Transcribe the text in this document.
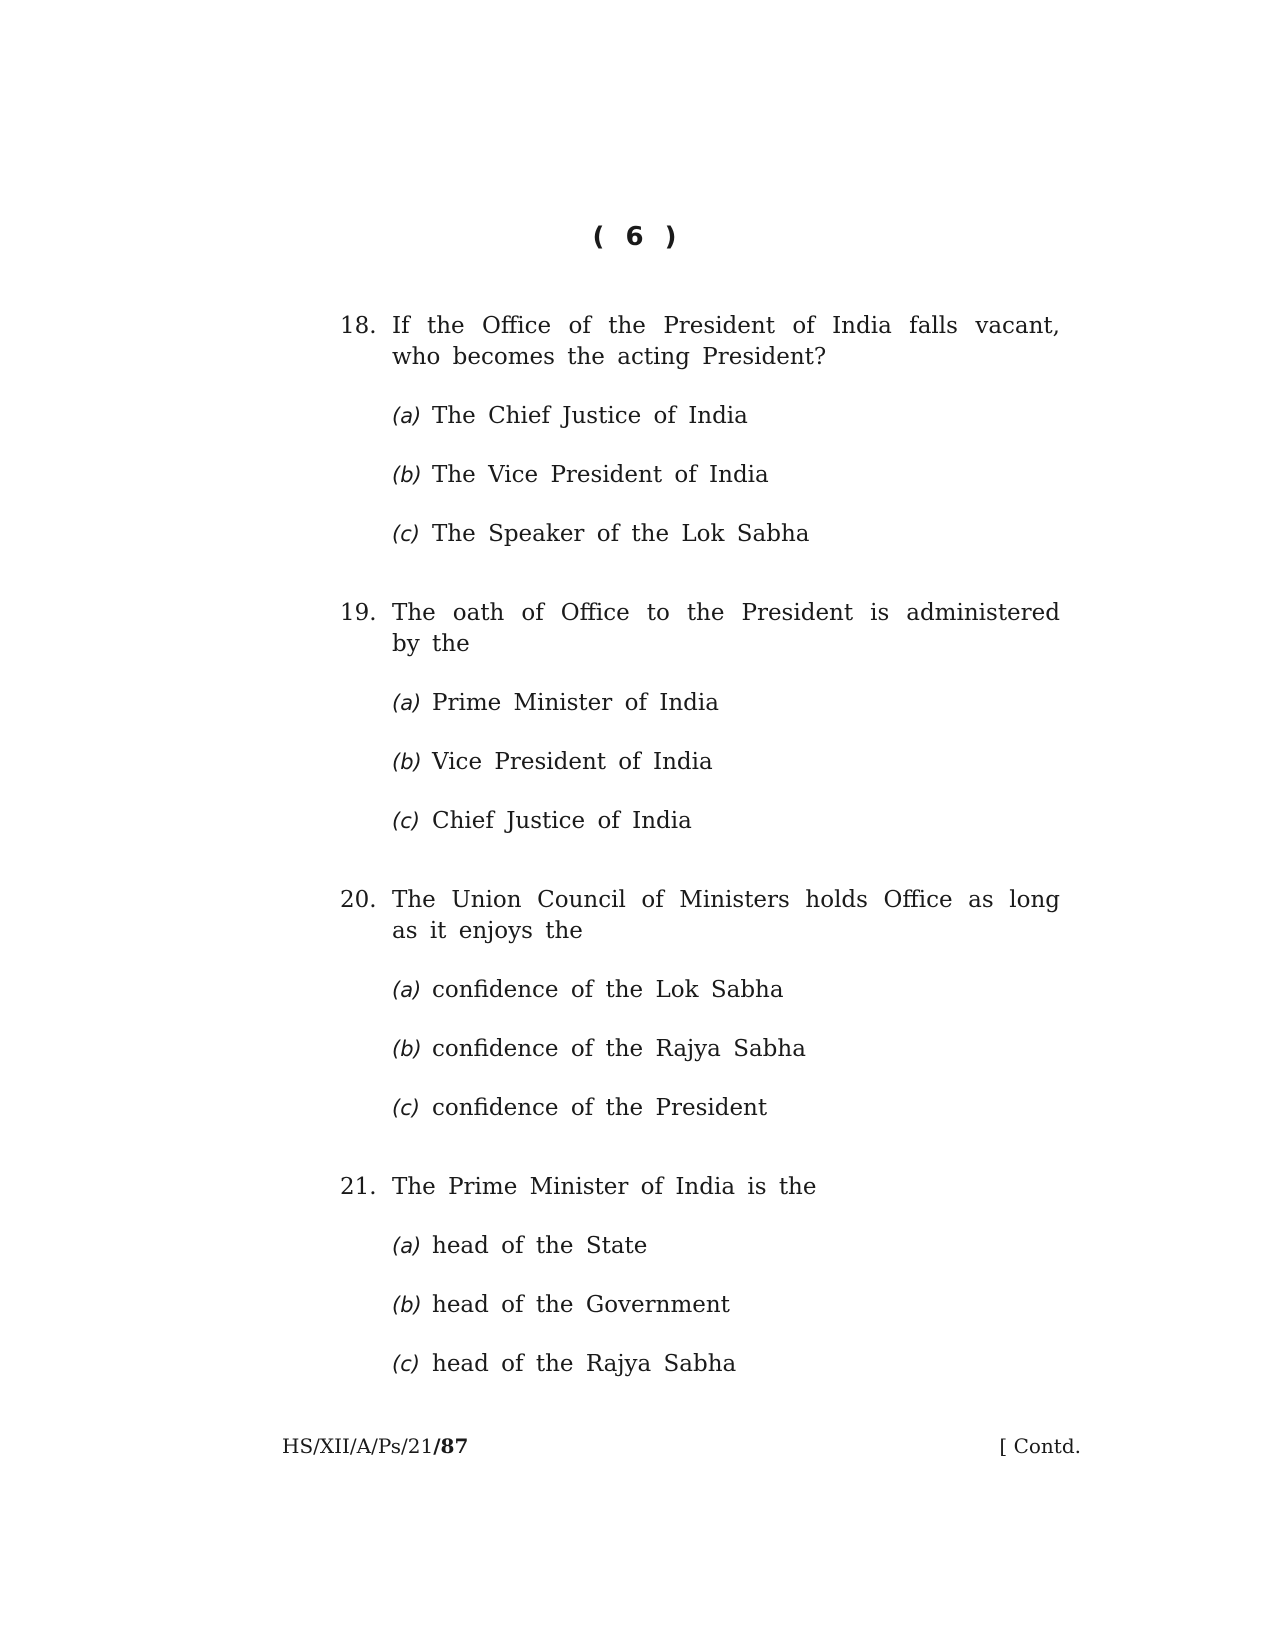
( 6 )
18. If the Office of the President of India falls vacant, who becomes the acting President?
(a) The Chief Justice of India
(b) The Vice President of India
(c) The Speaker of the Lok Sabha
19. The oath of Office to the President is administered by the
(a) Prime Minister of India
(b) Vice President of India
(c) Chief Justice of India
20. The Union Council of Ministers holds Office as long as it enjoys the
(a) confidence of the Lok Sabha
(b) confidence of the Rajya Sabha
(c) confidence of the President
21. The Prime Minister of India is the
(a) head of the State
(b) head of the Government
(c) head of the Rajya Sabha
HS/XII/A/Ps/21/87	[ Contd.
